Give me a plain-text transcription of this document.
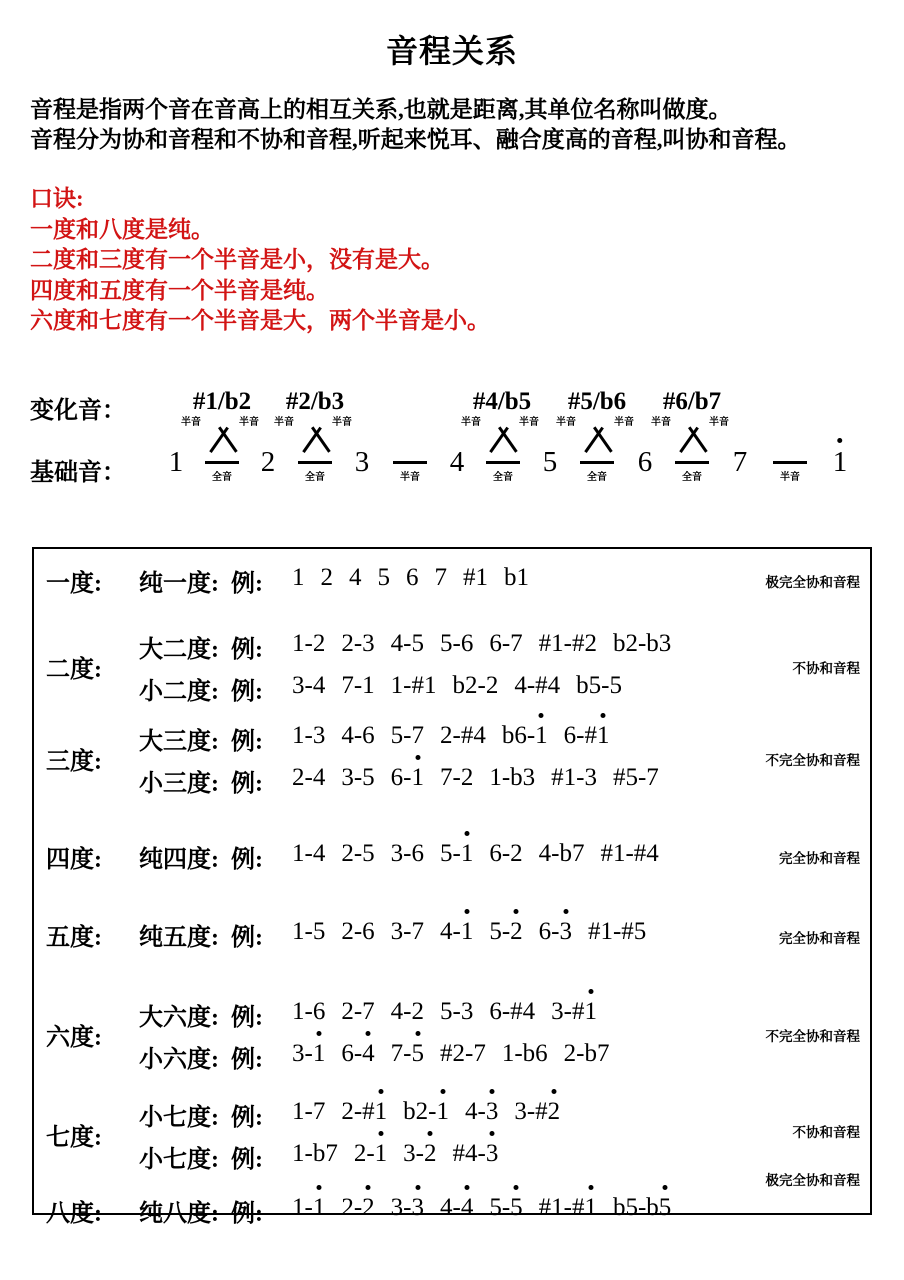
音程关系
音程是指两个音在音高上的相互关系,也就是距离,其单位名称叫做度。
音程分为协和音程和不协和音程,听起来悦耳、融合度高的音程,叫协和音程。
口诀:
一度和八度是纯。
二度和三度有一个半音是小，没有是大。
四度和五度有一个半音是纯。
六度和七度有一个半音是大，两个半音是小。
变化音：
基础音：
#1/b2 #2/b3	#4/b5 #5/b6 #6/b7
全音	全音	半音	全音	全音	全音	半音
半音	半音 半音	半音	半音	半音 半音	半音 半音	半音
1	2	3	4	5	6	7	1
一度: 纯一度: 例: 1 2 4 5 6 7 #1 b1	极完全协和音程
二度:
大二度: 例: 1-2 2-3 4-5 5-6 6-7 #1-#2 b2-b3
小二度: 例: 3-4 7-1 1-#1 b2-2 4-#4 b5-5
不协和音程
三度:
大三度: 例: 1-3 4-6 5-7 2-#4 b6-1 6-#1
小三度: 例: 2-4 3-5 6-1 7-2 1-b3 #1-3 #5-7
不完全协和音程
四度: 纯四度: 例: 1-4 2-5 3-6 5-1 6-2 4-b7 #1-#4	完全协和音程
五度: 纯五度: 例: 1-5 2-6 3-7 4-1 5-2 6-3 #1-#5	完全协和音程
六度:
大六度: 例: 1-6 2-7 4-2 5-3 6-#4 3-#1
小六度: 例: 3-1 6-4 7-5 #2-7 1-b6 2-b7
不完全协和音程
七度:
小七度: 例: 1-7 2-#1 b2-1 4-3 3-#2
小七度: 例: 1-b7 2-1 3-2 #4-3
不协和音程
八度: 纯八度: 例: 1-1 2-2 3-3 4-4 5-5 #1-#1 b5-b5
极完全协和音程
